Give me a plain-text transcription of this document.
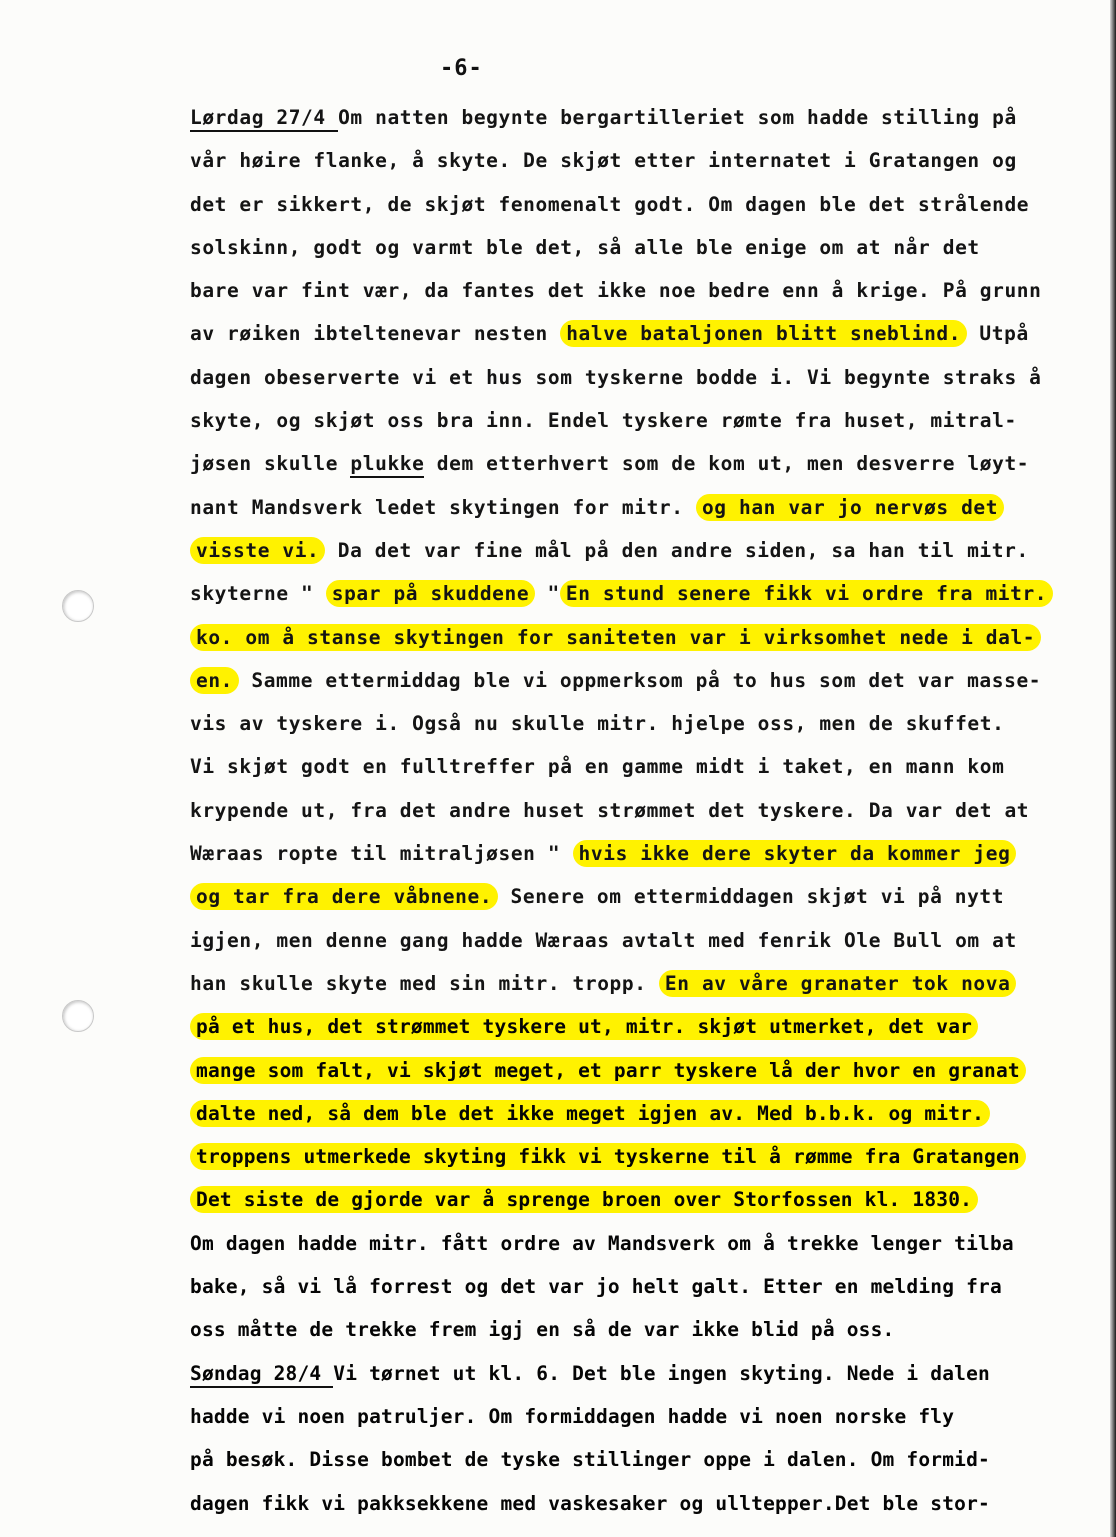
-6-
Lørdag 27/4 Om natten begynte bergartilleriet som hadde stilling på
vår høire flanke, å skyte. De skjøt etter internatet i Gratangen og
det er sikkert, de skjøt fenomenalt godt. Om dagen ble det strålende
solskinn, godt og varmt ble det, så alle ble enige om at når det
bare var fint vær, da fantes det ikke noe bedre enn å krige. På grunn
av røiken ibteltenevar nesten halve bataljonen blitt sneblind. Utpå
dagen obeserverte vi et hus som tyskerne bodde i. Vi begynte straks å
skyte, og skjøt oss bra inn. Endel tyskere rømte fra huset, mitral-
jøsen skulle plukke dem etterhvert som de kom ut, men desverre løyt-
nant Mandsverk ledet skytingen for mitr. og han var jo nervøs det
visste vi. Da det var fine mål på den andre siden, sa han til mitr.
skyterne " spar på skuddene " En stund senere fikk vi ordre fra mitr.
ko. om å stanse skytingen for saniteten var i virksomhet nede i dal-
en. Samme ettermiddag ble vi oppmerksom på to hus som det var masse-
vis av tyskere i. Også nu skulle mitr. hjelpe oss, men de skuffet.
Vi skjøt godt en fulltreffer på en gamme midt i taket, en mann kom
krypende ut, fra det andre huset strømmet det tyskere. Da var det at
Wæraas ropte til mitraljøsen " hvis ikke dere skyter da kommer jeg
og tar fra dere våbnene. Senere om ettermiddagen skjøt vi på nytt
igjen, men denne gang hadde Wæraas avtalt med fenrik Ole Bull om at
han skulle skyte med sin mitr. tropp. En av våre granater tok nova
på et hus, det strømmet tyskere ut, mitr. skjøt utmerket, det var
mange som falt, vi skjøt meget, et parr tyskere lå der hvor en granat
dalte ned, så dem ble det ikke meget igjen av. Med b.b.k. og mitr.
troppens utmerkede skyting fikk vi tyskerne til å rømme fra Gratangen
Det siste de gjorde var å sprenge broen over Storfossen kl. 1830.
Om dagen hadde mitr. fått ordre av Mandsverk om å trekke lenger tilba
bake, så vi lå forrest og det var jo helt galt. Etter en melding fra
oss måtte de trekke frem igj en så de var ikke blid på oss.
Søndag 28/4 Vi tørnet ut kl. 6. Det ble ingen skyting. Nede i dalen
hadde vi noen patruljer. Om formiddagen hadde vi noen norske fly
på besøk. Disse bombet de tyske stillinger oppe i dalen. Om formid-
dagen fikk vi pakksekkene med vaskesaker og ulltepper.Det ble stor-
